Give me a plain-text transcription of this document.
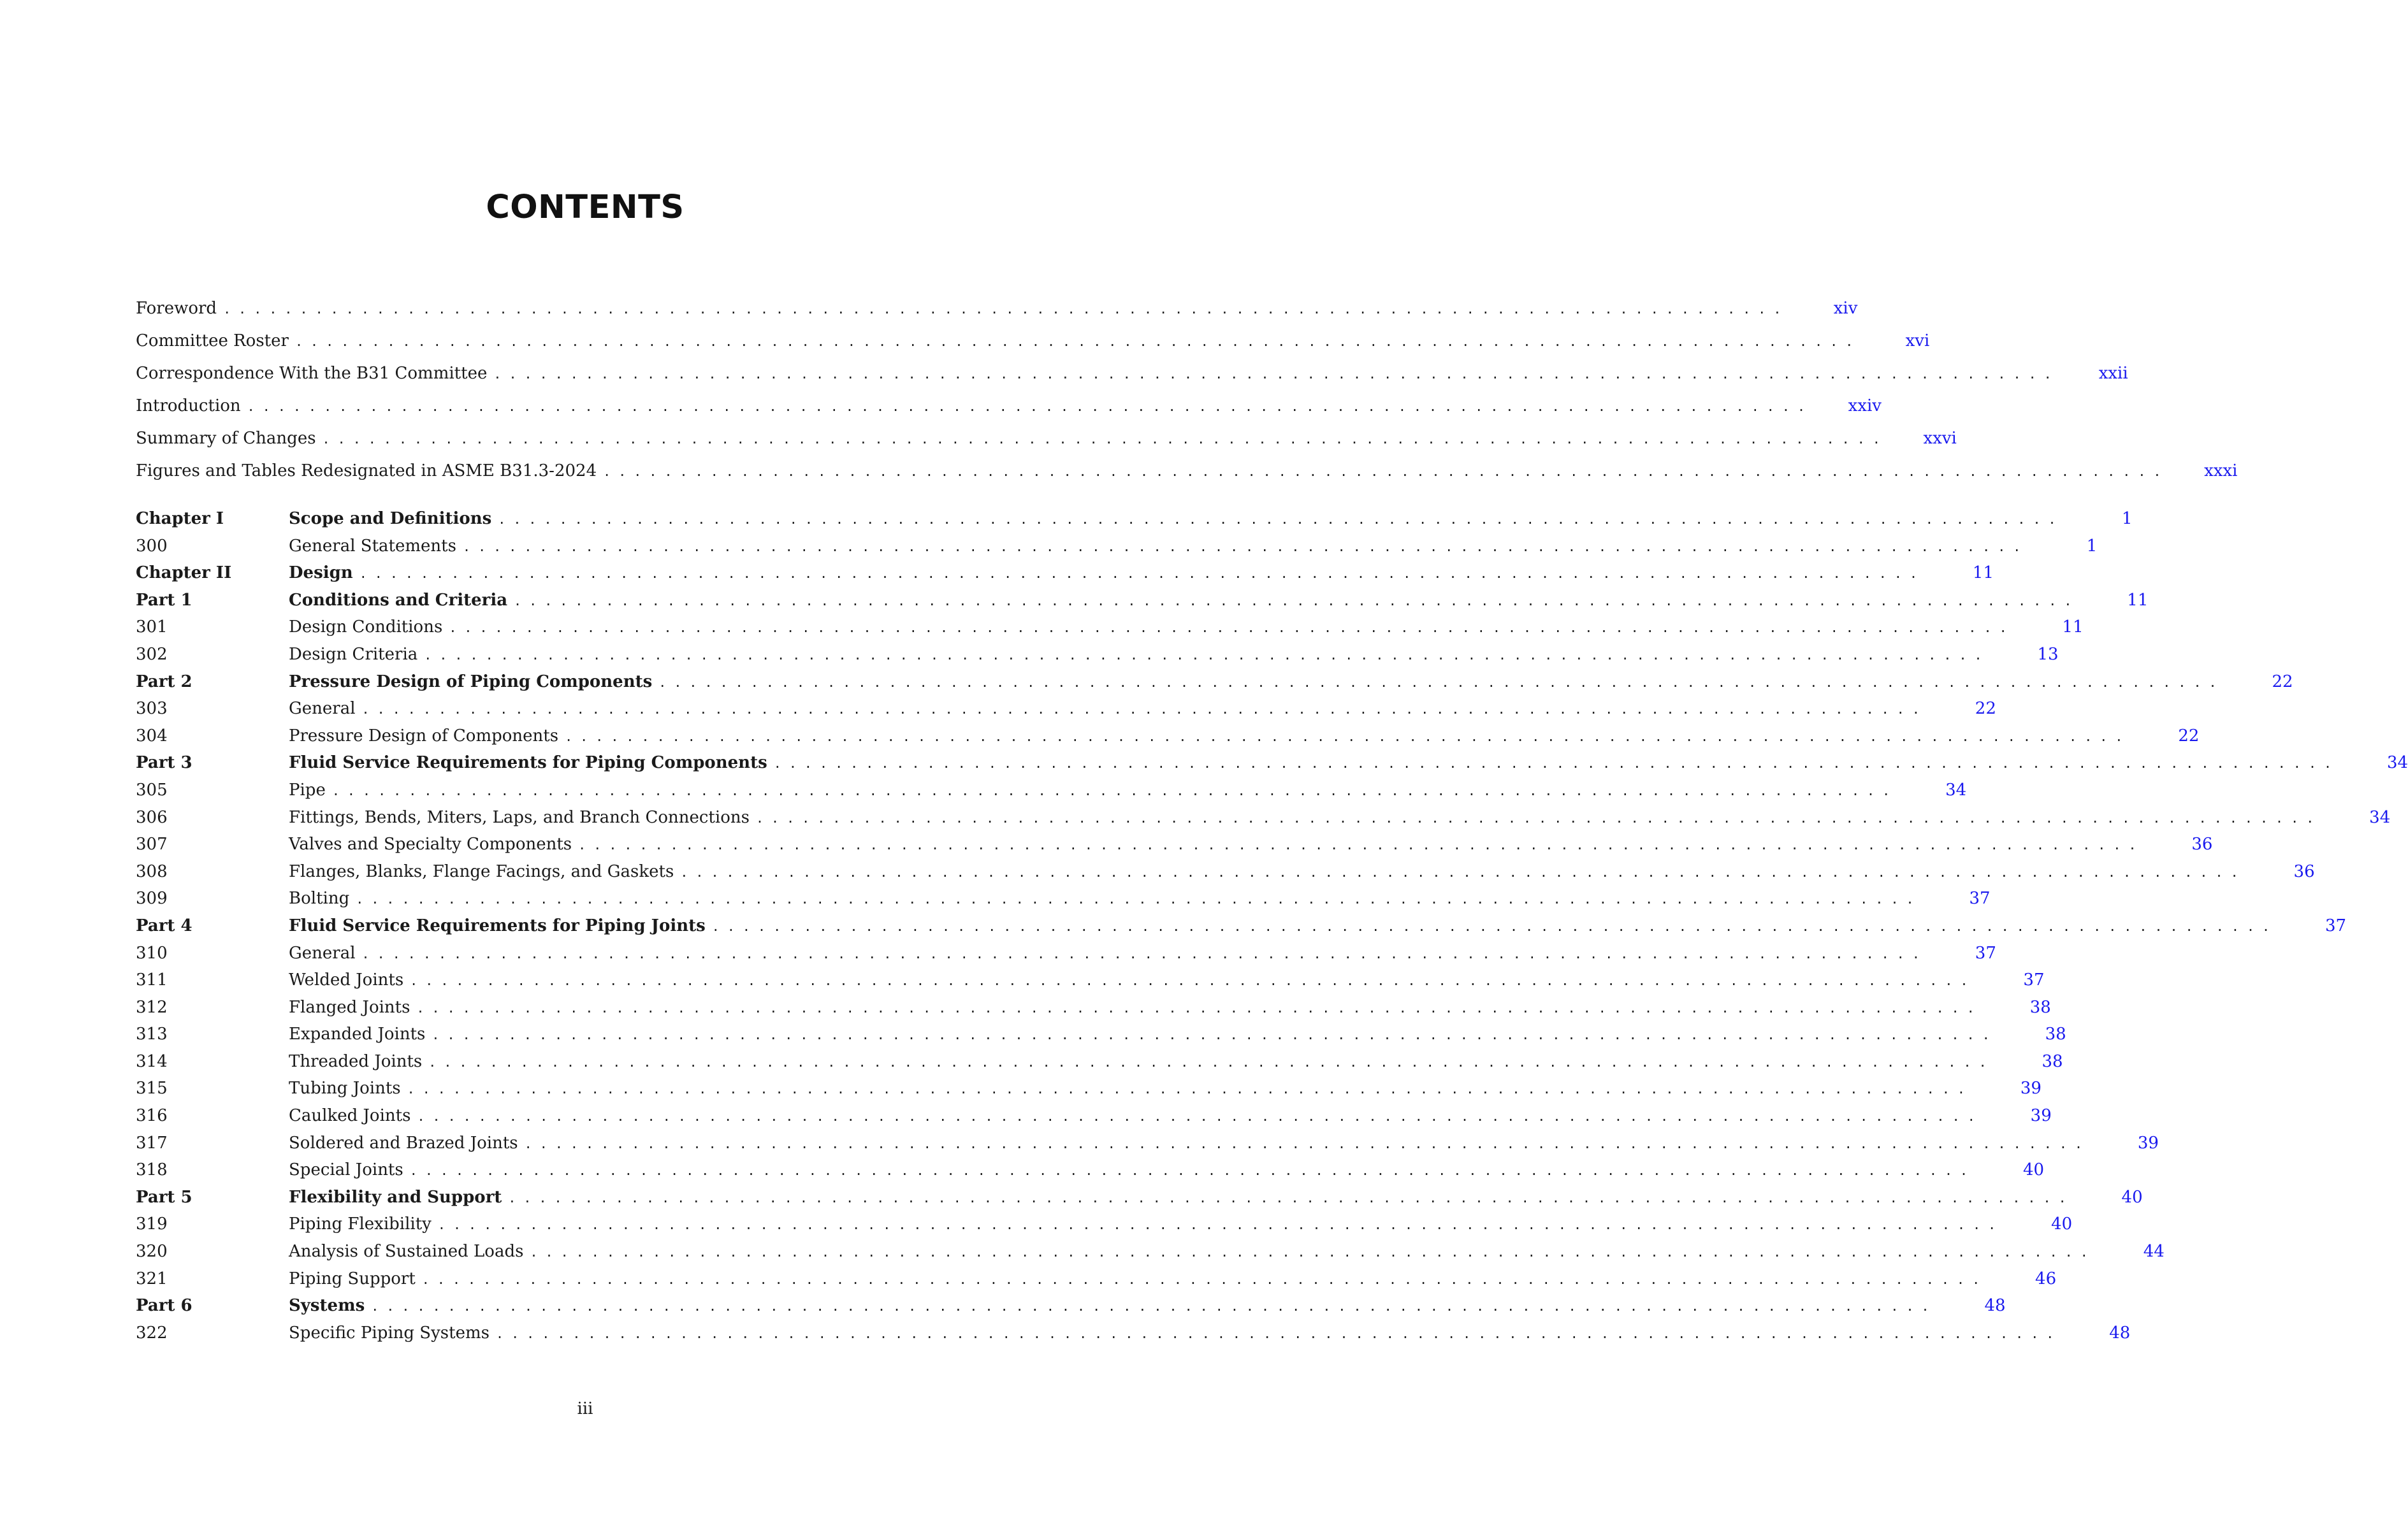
CONTENTS
Foreword . . . . . . . . . . . . . . . . . . . . . . . . . . . . . . . . . . . . . . . . . . . . . . . . . . . . . . . . . . . . . . . . . . . . . . . . . . . . . . . . . . . . . . . . . . . . . . . . . . . . . .	xiv
Committee Roster . . . . . . . . . . . . . . . . . . . . . . . . . . . . . . . . . . . . . . . . . . . . . . . . . . . . . . . . . . . . . . . . . . . . . . . . . . . . . . . . . . . . . . . . . . . . . . . . . . . . . .	xvi
Correspondence With the B31 Committee . . . . . . . . . . . . . . . . . . . . . . . . . . . . . . . . . . . . . . . . . . . . . . . . . . . . . . . . . . . . . . . . . . . . . . . . . . . . . . . . . . . . . . . . . . . . . . . . . . . . . .	xxii
Introduction . . . . . . . . . . . . . . . . . . . . . . . . . . . . . . . . . . . . . . . . . . . . . . . . . . . . . . . . . . . . . . . . . . . . . . . . . . . . . . . . . . . . . . . . . . . . . . . . . . . . . .	xxiv
Summary of Changes . . . . . . . . . . . . . . . . . . . . . . . . . . . . . . . . . . . . . . . . . . . . . . . . . . . . . . . . . . . . . . . . . . . . . . . . . . . . . . . . . . . . . . . . . . . . . . . . . . . . . .	xxvi
Figures and Tables Redesignated in ASME B31.3-2024 . . . . . . . . . . . . . . . . . . . . . . . . . . . . . . . . . . . . . . . . . . . . . . . . . . . . . . . . . . . . . . . . . . . . . . . . . . . . . . . . . . . . . . . . . . . . . . . . . . . . . .	xxxi
Chapter I	Scope and Definitions . . . . . . . . . . . . . . . . . . . . . . . . . . . . . . . . . . . . . . . . . . . . . . . . . . . . . . . . . . . . . . . . . . . . . . . . . . . . . . . . . . . . . . . . . . . . . . . . . . . . . .	1
300	General Statements . . . . . . . . . . . . . . . . . . . . . . . . . . . . . . . . . . . . . . . . . . . . . . . . . . . . . . . . . . . . . . . . . . . . . . . . . . . . . . . . . . . . . . . . . . . . . . . . . . . . . .	1
Chapter II	Design . . . . . . . . . . . . . . . . . . . . . . . . . . . . . . . . . . . . . . . . . . . . . . . . . . . . . . . . . . . . . . . . . . . . . . . . . . . . . . . . . . . . . . . . . . . . . . . . . . . . . .	11
Part 1	Conditions and Criteria . . . . . . . . . . . . . . . . . . . . . . . . . . . . . . . . . . . . . . . . . . . . . . . . . . . . . . . . . . . . . . . . . . . . . . . . . . . . . . . . . . . . . . . . . . . . . . . . . . . . . .	11
301	Design Conditions . . . . . . . . . . . . . . . . . . . . . . . . . . . . . . . . . . . . . . . . . . . . . . . . . . . . . . . . . . . . . . . . . . . . . . . . . . . . . . . . . . . . . . . . . . . . . . . . . . . . . .	11
302	Design Criteria . . . . . . . . . . . . . . . . . . . . . . . . . . . . . . . . . . . . . . . . . . . . . . . . . . . . . . . . . . . . . . . . . . . . . . . . . . . . . . . . . . . . . . . . . . . . . . . . . . . . . .	13
Part 2	Pressure Design of Piping Components . . . . . . . . . . . . . . . . . . . . . . . . . . . . . . . . . . . . . . . . . . . . . . . . . . . . . . . . . . . . . . . . . . . . . . . . . . . . . . . . . . . . . . . . . . . . . . . . . . . . . .	22
303	General . . . . . . . . . . . . . . . . . . . . . . . . . . . . . . . . . . . . . . . . . . . . . . . . . . . . . . . . . . . . . . . . . . . . . . . . . . . . . . . . . . . . . . . . . . . . . . . . . . . . . .	22
304	Pressure Design of Components . . . . . . . . . . . . . . . . . . . . . . . . . . . . . . . . . . . . . . . . . . . . . . . . . . . . . . . . . . . . . . . . . . . . . . . . . . . . . . . . . . . . . . . . . . . . . . . . . . . . . .	22
Part 3	Fluid Service Requirements for Piping Components . . . . . . . . . . . . . . . . . . . . . . . . . . . . . . . . . . . . . . . . . . . . . . . . . . . . . . . . . . . . . . . . . . . . . . . . . . . . . . . . . . . . . . . . . . . . . . . . . . . . . .	34
305	Pipe . . . . . . . . . . . . . . . . . . . . . . . . . . . . . . . . . . . . . . . . . . . . . . . . . . . . . . . . . . . . . . . . . . . . . . . . . . . . . . . . . . . . . . . . . . . . . . . . . . . . . .	34
306	Fittings, Bends, Miters, Laps, and Branch Connections . . . . . . . . . . . . . . . . . . . . . . . . . . . . . . . . . . . . . . . . . . . . . . . . . . . . . . . . . . . . . . . . . . . . . . . . . . . . . . . . . . . . . . . . . . . . . . . . . . . . . .	34
307	Valves and Specialty Components . . . . . . . . . . . . . . . . . . . . . . . . . . . . . . . . . . . . . . . . . . . . . . . . . . . . . . . . . . . . . . . . . . . . . . . . . . . . . . . . . . . . . . . . . . . . . . . . . . . . . .	36
308	Flanges, Blanks, Flange Facings, and Gaskets . . . . . . . . . . . . . . . . . . . . . . . . . . . . . . . . . . . . . . . . . . . . . . . . . . . . . . . . . . . . . . . . . . . . . . . . . . . . . . . . . . . . . . . . . . . . . . . . . . . . . .	36
309	Bolting . . . . . . . . . . . . . . . . . . . . . . . . . . . . . . . . . . . . . . . . . . . . . . . . . . . . . . . . . . . . . . . . . . . . . . . . . . . . . . . . . . . . . . . . . . . . . . . . . . . . . .	37
Part 4	Fluid Service Requirements for Piping Joints . . . . . . . . . . . . . . . . . . . . . . . . . . . . . . . . . . . . . . . . . . . . . . . . . . . . . . . . . . . . . . . . . . . . . . . . . . . . . . . . . . . . . . . . . . . . . . . . . . . . . .	37
310	General . . . . . . . . . . . . . . . . . . . . . . . . . . . . . . . . . . . . . . . . . . . . . . . . . . . . . . . . . . . . . . . . . . . . . . . . . . . . . . . . . . . . . . . . . . . . . . . . . . . . . .	37
311	Welded Joints . . . . . . . . . . . . . . . . . . . . . . . . . . . . . . . . . . . . . . . . . . . . . . . . . . . . . . . . . . . . . . . . . . . . . . . . . . . . . . . . . . . . . . . . . . . . . . . . . . . . . .	37
312	Flanged Joints . . . . . . . . . . . . . . . . . . . . . . . . . . . . . . . . . . . . . . . . . . . . . . . . . . . . . . . . . . . . . . . . . . . . . . . . . . . . . . . . . . . . . . . . . . . . . . . . . . . . . .	38
313	Expanded Joints . . . . . . . . . . . . . . . . . . . . . . . . . . . . . . . . . . . . . . . . . . . . . . . . . . . . . . . . . . . . . . . . . . . . . . . . . . . . . . . . . . . . . . . . . . . . . . . . . . . . . .	38
314	Threaded Joints . . . . . . . . . . . . . . . . . . . . . . . . . . . . . . . . . . . . . . . . . . . . . . . . . . . . . . . . . . . . . . . . . . . . . . . . . . . . . . . . . . . . . . . . . . . . . . . . . . . . . .	38
315	Tubing Joints . . . . . . . . . . . . . . . . . . . . . . . . . . . . . . . . . . . . . . . . . . . . . . . . . . . . . . . . . . . . . . . . . . . . . . . . . . . . . . . . . . . . . . . . . . . . . . . . . . . . . .	39
316	Caulked Joints . . . . . . . . . . . . . . . . . . . . . . . . . . . . . . . . . . . . . . . . . . . . . . . . . . . . . . . . . . . . . . . . . . . . . . . . . . . . . . . . . . . . . . . . . . . . . . . . . . . . . .	39
317	Soldered and Brazed Joints . . . . . . . . . . . . . . . . . . . . . . . . . . . . . . . . . . . . . . . . . . . . . . . . . . . . . . . . . . . . . . . . . . . . . . . . . . . . . . . . . . . . . . . . . . . . . . . . . . . . . .	39
318	Special Joints . . . . . . . . . . . . . . . . . . . . . . . . . . . . . . . . . . . . . . . . . . . . . . . . . . . . . . . . . . . . . . . . . . . . . . . . . . . . . . . . . . . . . . . . . . . . . . . . . . . . . .	40
Part 5	Flexibility and Support . . . . . . . . . . . . . . . . . . . . . . . . . . . . . . . . . . . . . . . . . . . . . . . . . . . . . . . . . . . . . . . . . . . . . . . . . . . . . . . . . . . . . . . . . . . . . . . . . . . . . .	40
319	Piping Flexibility . . . . . . . . . . . . . . . . . . . . . . . . . . . . . . . . . . . . . . . . . . . . . . . . . . . . . . . . . . . . . . . . . . . . . . . . . . . . . . . . . . . . . . . . . . . . . . . . . . . . . .	40
320	Analysis of Sustained Loads . . . . . . . . . . . . . . . . . . . . . . . . . . . . . . . . . . . . . . . . . . . . . . . . . . . . . . . . . . . . . . . . . . . . . . . . . . . . . . . . . . . . . . . . . . . . . . . . . . . . . .	44
321	Piping Support . . . . . . . . . . . . . . . . . . . . . . . . . . . . . . . . . . . . . . . . . . . . . . . . . . . . . . . . . . . . . . . . . . . . . . . . . . . . . . . . . . . . . . . . . . . . . . . . . . . . . .	46
Part 6	Systems . . . . . . . . . . . . . . . . . . . . . . . . . . . . . . . . . . . . . . . . . . . . . . . . . . . . . . . . . . . . . . . . . . . . . . . . . . . . . . . . . . . . . . . . . . . . . . . . . . . . . .	48
322	Specific Piping Systems . . . . . . . . . . . . . . . . . . . . . . . . . . . . . . . . . . . . . . . . . . . . . . . . . . . . . . . . . . . . . . . . . . . . . . . . . . . . . . . . . . . . . . . . . . . . . . . . . . . . . .	48
iii
